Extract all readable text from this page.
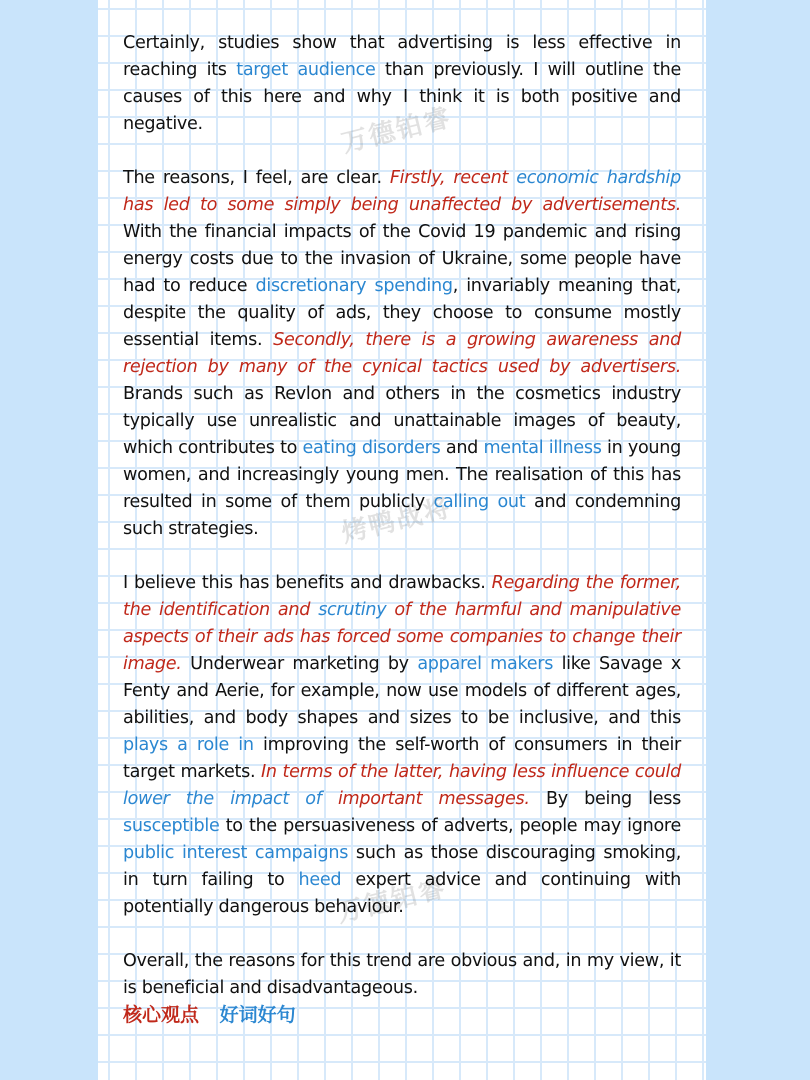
万德铂睿
烤鸭战将
万德铂睿

Certainly, studies show that advertising is less effective in reaching its target audience than previously. I will outline the causes of this here and why I think it is both positive and negative.

The reasons, I feel, are clear. Firstly, recent economic hardship has led to some simply being unaffected by advertisements. With the financial impacts of the Covid 19 pandemic and rising energy costs due to the invasion of Ukraine, some people have had to reduce discretionary spending, invariably meaning that, despite the quality of ads, they choose to consume mostly essential items. Secondly, there is a growing awareness and rejection by many of the cynical tactics used by advertisers. Brands such as Revlon and others in the cosmetics industry typically use unrealistic and unattainable images of beauty, which contributes to eating disorders and mental illness in young women, and increasingly young men. The realisation of this has resulted in some of them publicly calling out and condemning such strategies.

I believe this has benefits and drawbacks. Regarding the former, the identification and scrutiny of the harmful and manipulative aspects of their ads has forced some companies to change their image. Underwear marketing by apparel makers like Savage x Fenty and Aerie, for example, now use models of different ages, abilities, and body shapes and sizes to be inclusive, and this plays a role in improving the self-worth of consumers in their target markets. In terms of the latter, having less influence could lower the impact of important messages. By being less susceptible to the persuasiveness of adverts, people may ignore public interest campaigns such as those discouraging smoking, in turn failing to heed expert advice and continuing with potentially dangerous behaviour.

Overall, the reasons for this trend are obvious and, in my view, it is beneficial and disadvantageous.

核心观点 好词好句
